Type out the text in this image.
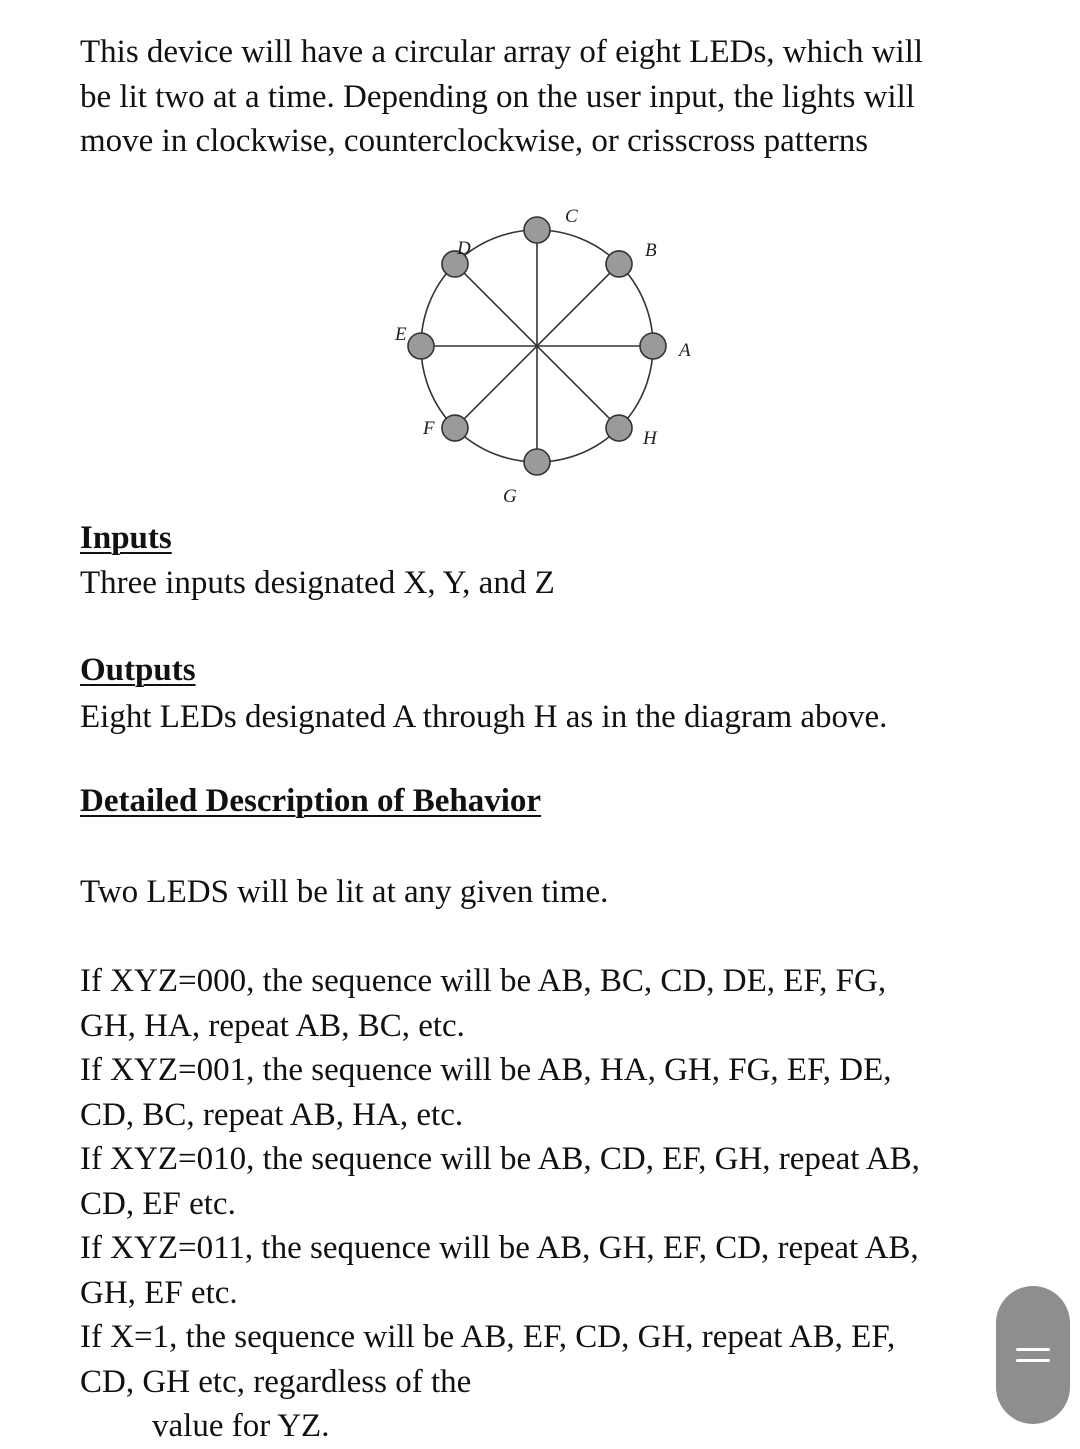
This device will have a circular array of eight LEDs, which will
be lit two at a time. Depending on the user input, the lights will
move in clockwise, counterclockwise, or crisscross patterns
A
B
C
D
E
F
G
H
Inputs
Three inputs designated X, Y, and Z
Outputs
Eight LEDs designated A through H as in the diagram above.
Detailed Description of Behavior
Two LEDS will be lit at any given time.
If XYZ=000, the sequence will be AB, BC, CD, DE, EF, FG,
GH, HA, repeat AB, BC, etc.
If XYZ=001, the sequence will be AB, HA, GH, FG, EF, DE,
CD, BC, repeat AB, HA, etc.
If XYZ=010, the sequence will be AB, CD, EF, GH, repeat AB,
CD, EF etc.
If XYZ=011, the sequence will be AB, GH, EF, CD, repeat AB,
GH, EF etc.
If X=1, the sequence will be AB, EF, CD, GH, repeat AB, EF,
CD, GH etc, regardless of the
value for YZ.
